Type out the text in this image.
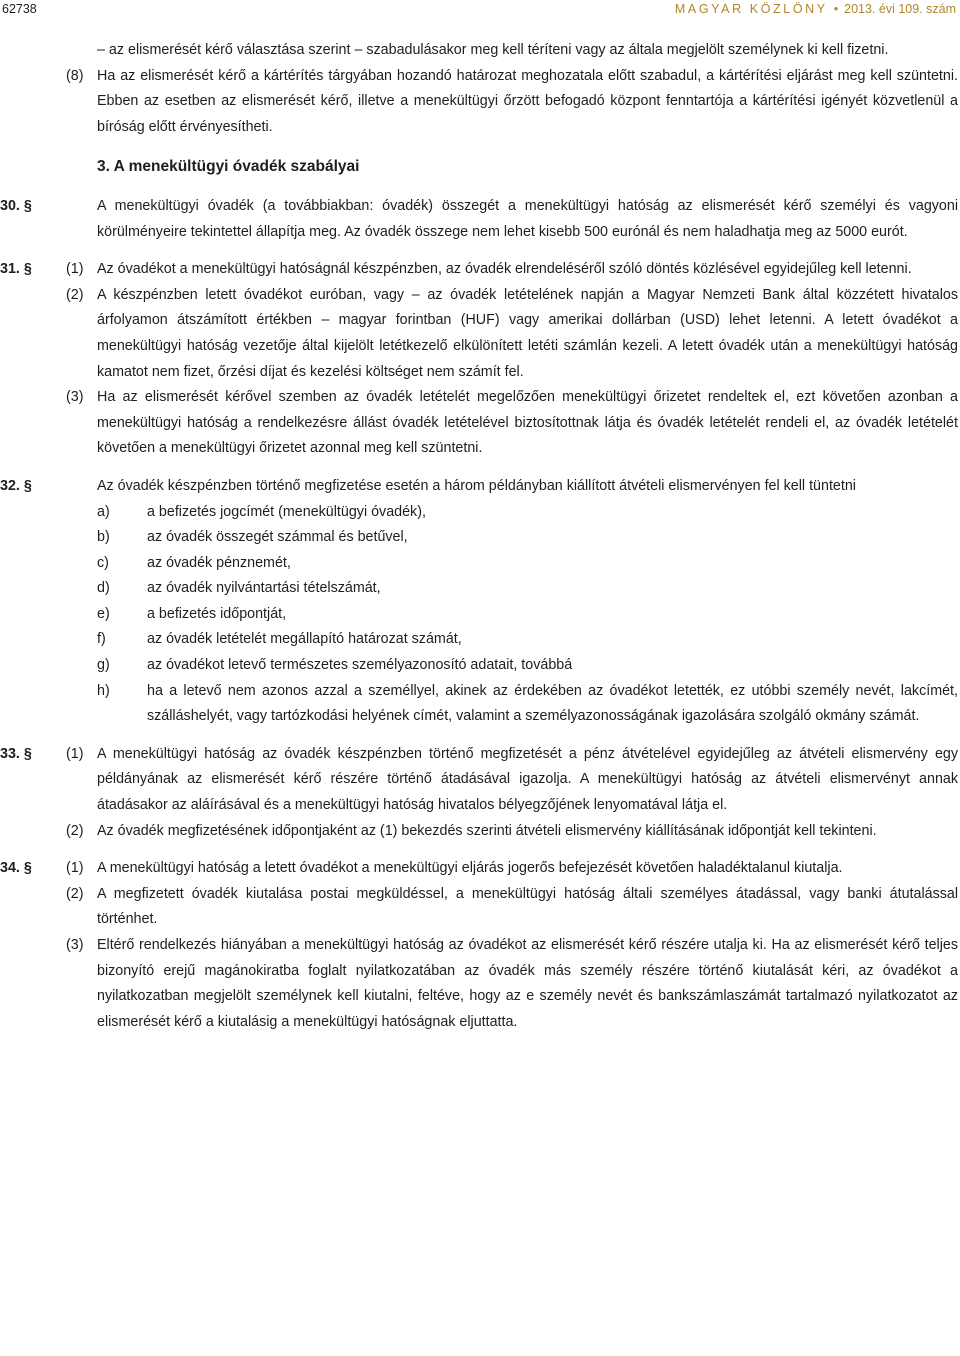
62738	MAGYAR KÖZLÖNY • 2013. évi 109. szám
– az elismerését kérő választása szerint – szabadulásakor meg kell téríteni vagy az általa megjelölt személynek ki kell fizetni.
(8) Ha az elismerését kérő a kártérítés tárgyában hozandó határozat meghozatala előtt szabadul, a kártérítési eljárást meg kell szüntetni. Ebben az esetben az elismerését kérő, illetve a menekültügyi őrzött befogadó központ fenntartója a kártérítési igényét közvetlenül a bíróság előtt érvényesítheti.
3. A menekültügyi óvadék szabályai
30. §	A menekültügyi óvadék (a továbbiakban: óvadék) összegét a menekültügyi hatóság az elismerését kérő személyi és vagyoni körülményeire tekintettel állapítja meg. Az óvadék összege nem lehet kisebb 500 eurónál és nem haladhatja meg az 5000 eurót.
31. § (1) Az óvadékot a menekültügyi hatóságnál készpénzben, az óvadék elrendeléséről szóló döntés közlésével egyidejűleg kell letenni.
(2) A készpénzben letett óvadékot euróban, vagy – az óvadék letételének napján a Magyar Nemzeti Bank által közzétett hivatalos árfolyamon átszámított értékben – magyar forintban (HUF) vagy amerikai dollárban (USD) lehet letenni. A letett óvadékot a menekültügyi hatóság vezetője által kijelölt letétkezelő elkülönített letéti számlán kezeli. A letett óvadék után a menekültügyi hatóság kamatot nem fizet, őrzési díjat és kezelési költséget nem számít fel.
(3) Ha az elismerését kérővel szemben az óvadék letételét megelőzően menekültügyi őrizetet rendeltek el, ezt követően azonban a menekültügyi hatóság a rendelkezésre állást óvadék letételével biztosítottnak látja és óvadék letételét rendeli el, az óvadék letételét követően a menekültügyi őrizetet azonnal meg kell szüntetni.
32. §	Az óvadék készpénzben történő megfizetése esetén a három példányban kiállított átvételi elismervényen fel kell tüntetni
a)	a befizetés jogcímét (menekültügyi óvadék),
b)	az óvadék összegét számmal és betűvel,
c)	az óvadék pénznemét,
d)	az óvadék nyilvántartási tételszámát,
e)	a befizetés időpontját,
f)	az óvadék letételét megállapító határozat számát,
g)	az óvadékot letevő természetes személyazonosító adatait, továbbá
h)	ha a letevő nem azonos azzal a személlyel, akinek az érdekében az óvadékot letették, ez utóbbi személy nevét, lakcímét, szálláshelyét, vagy tartózkodási helyének címét, valamint a személyazonosságának igazolására szolgáló okmány számát.
33. § (1) A menekültügyi hatóság az óvadék készpénzben történő megfizetését a pénz átvételével egyidejűleg az átvételi elismervény egy példányának az elismerését kérő részére történő átadásával igazolja. A menekültügyi hatóság az átvételi elismervényt annak átadásakor az aláírásával és a menekültügyi hatóság hivatalos bélyegzőjének lenyomatával látja el.
(2) Az óvadék megfizetésének időpontjaként az (1) bekezdés szerinti átvételi elismervény kiállításának időpontját kell tekinteni.
34. § (1) A menekültügyi hatóság a letett óvadékot a menekültügyi eljárás jogerős befejezését követően haladéktalanul kiutalja.
(2) A megfizetett óvadék kiutalása postai megküldéssel, a menekültügyi hatóság általi személyes átadással, vagy banki átutalással történhet.
(3) Eltérő rendelkezés hiányában a menekültügyi hatóság az óvadékot az elismerését kérő részére utalja ki. Ha az elismerését kérő teljes bizonyító erejű magánokiratba foglalt nyilatkozatában az óvadék más személy részére történő kiutalását kéri, az óvadékot a nyilatkozatban megjelölt személynek kell kiutalni, feltéve, hogy az e személy nevét és bankszámlaszámát tartalmazó nyilatkozatot az elismerését kérő a kiutalásig a menekültügyi hatóságnak eljuttatta.
